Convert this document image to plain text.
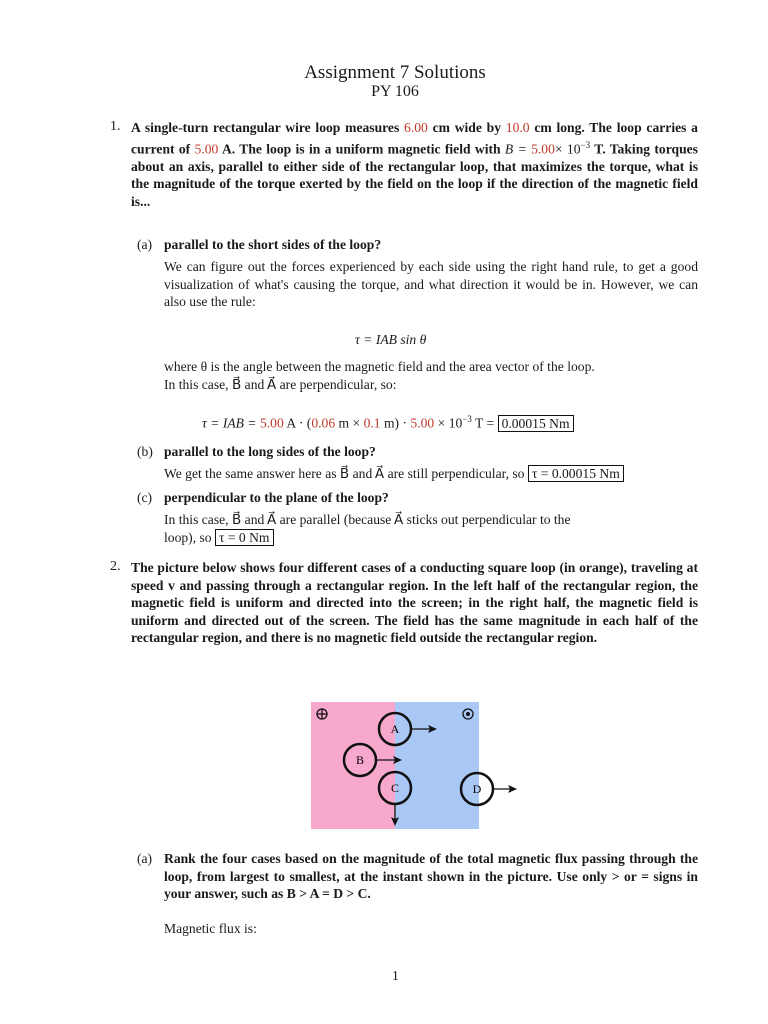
Assignment 7 Solutions
PY 106
1. A single-turn rectangular wire loop measures 6.00 cm wide by 10.0 cm long. The loop carries a current of 5.00 A. The loop is in a uniform magnetic field with $B = 5.00\times 10^{-3}$ T. Taking torques about an axis, parallel to either side of the rectangular loop, that maximizes the torque, what is the magnitude of the torque exerted by the field on the loop if the direction of the magnetic field is...
(a) parallel to the short sides of the loop?
We can figure out the forces experienced by each side using the right hand rule, to get a good visualization of what's causing the torque, and what direction it would be in. However, we can also use the rule:
τ = IAB sin θ
where θ is the angle between the magnetic field and the area vector of the loop.
In this case, B⃗ and A⃗ are perpendicular, so:
τ = IAB = 5.00 A · (0.06 m × 0.1 $m) \cdot 5.00 \times 10^{-3}$ T = 0.00015 Nm
(b) parallel to the long sides of the loop?
We get the same answer here as B⃗ and A⃗ are still perpendicular, so τ = 0.00015 Nm
(c) perpendicular to the plane of the loop?
In this case, B⃗ and A⃗ are parallel (because A⃗ sticks out perpendicular to the
loop), so τ = 0 Nm
2. The picture below shows four different cases of a conducting square loop (in orange), traveling at speed v and passing through a rectangular region. In the left half of the rectangular region, the magnetic field is uniform and directed into the screen; in the right half, the magnetic field is uniform and directed out of the screen. The field has the same magnitude in each half of the rectangular region, and there is no magnetic field outside the rectangular region.
A
B
C	D
(a) Rank the four cases based on the magnitude of the total magnetic flux passing through the loop, from largest to smallest, at the instant shown in the picture. Use only > or = signs in your answer, such as B > A = D > C.
Magnetic flux is:
1
